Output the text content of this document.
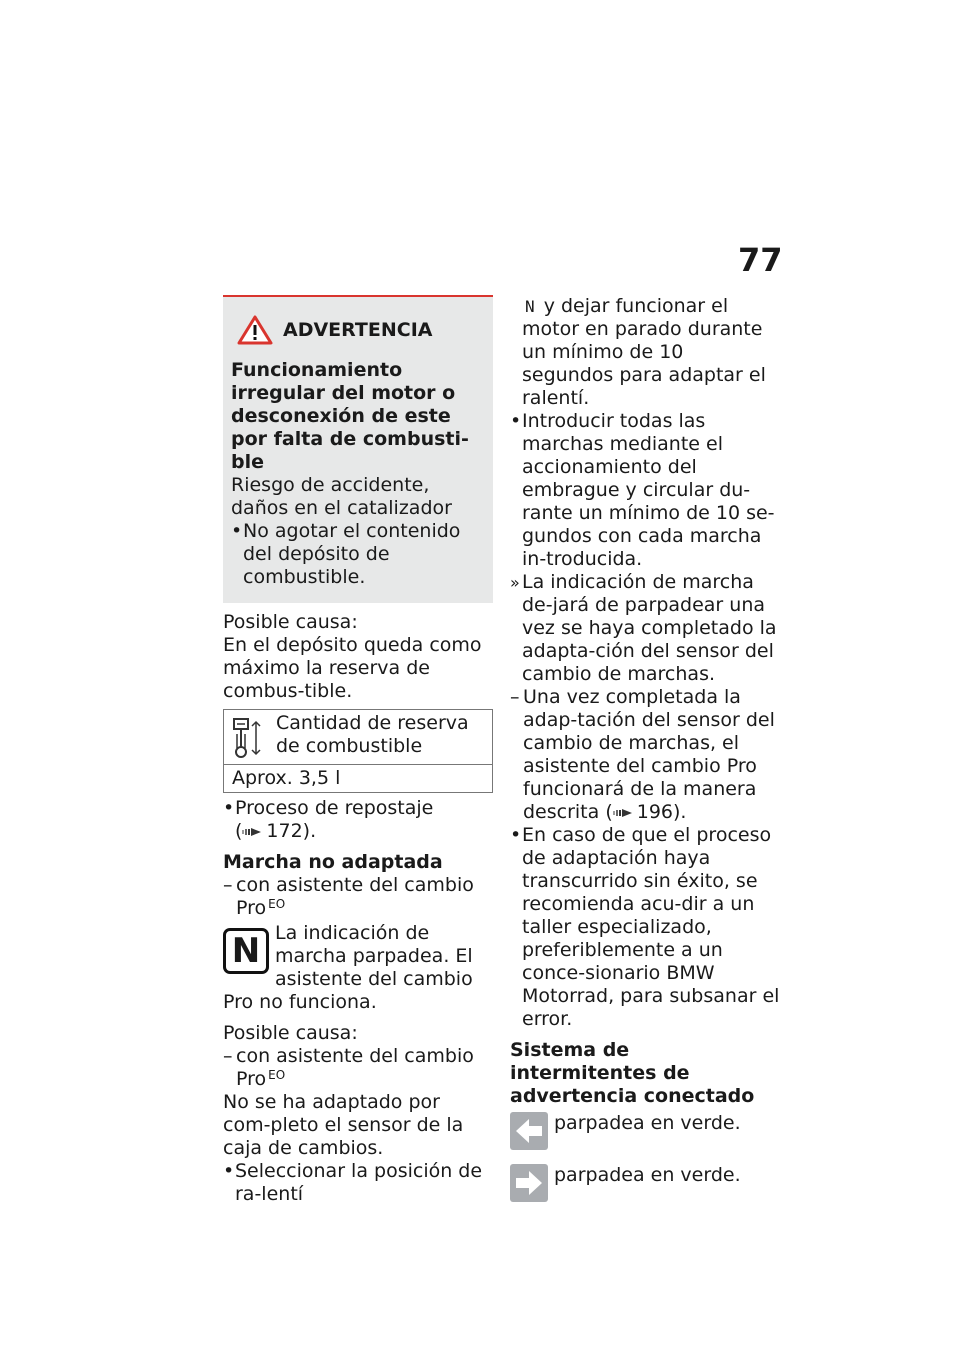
77
ADVERTENCIA

Funcionamiento irregular del motor o desconexión de este por falta de combusti-ble

Riesgo de accidente, daños en el catalizador

• No agotar el contenido del depósito de combustible.

Posible causa:

En el depósito queda como máximo la reserva de combus-tible.

Cantidad de reserva de combustible
Aprox. 3,5 l

• Proceso de repostaje
( 172).

Marcha no adaptada

– con asistente del cambio Pro $^{EO}$

N La indicación de marcha parpadea. El asistente del cambio Pro no funciona.

Posible causa:

– con asistente del cambio Pro $^{EO}$

No se ha adaptado por com-pleto el sensor de la caja de cambios.

• Seleccionar la posición de ra-lentí

N y dejar funcionar el motor en parado durante un mínimo de 10 segundos para adaptar el ralentí.

• Introducir todas las marchas mediante el accionamiento del embrague y circular du-rante un mínimo de 10 se-gundos con cada marcha in-troducida.

» La indicación de marcha de-jará de parpadear una vez se haya completado la adapta-ción del sensor del cambio de marchas.

– Una vez completada la adap-tación del sensor del cambio de marchas, el asistente del cambio Pro funcionará de la manera descrita ( 196).

• En caso de que el proceso de adaptación haya transcurrido sin éxito, se recomienda acu-dir a un taller especializado, preferiblemente a un conce-sionario BMW Motorrad, para subsanar el error.

Sistema de intermitentes de advertencia conectado

parpadea en verde.
parpadea en verde.
